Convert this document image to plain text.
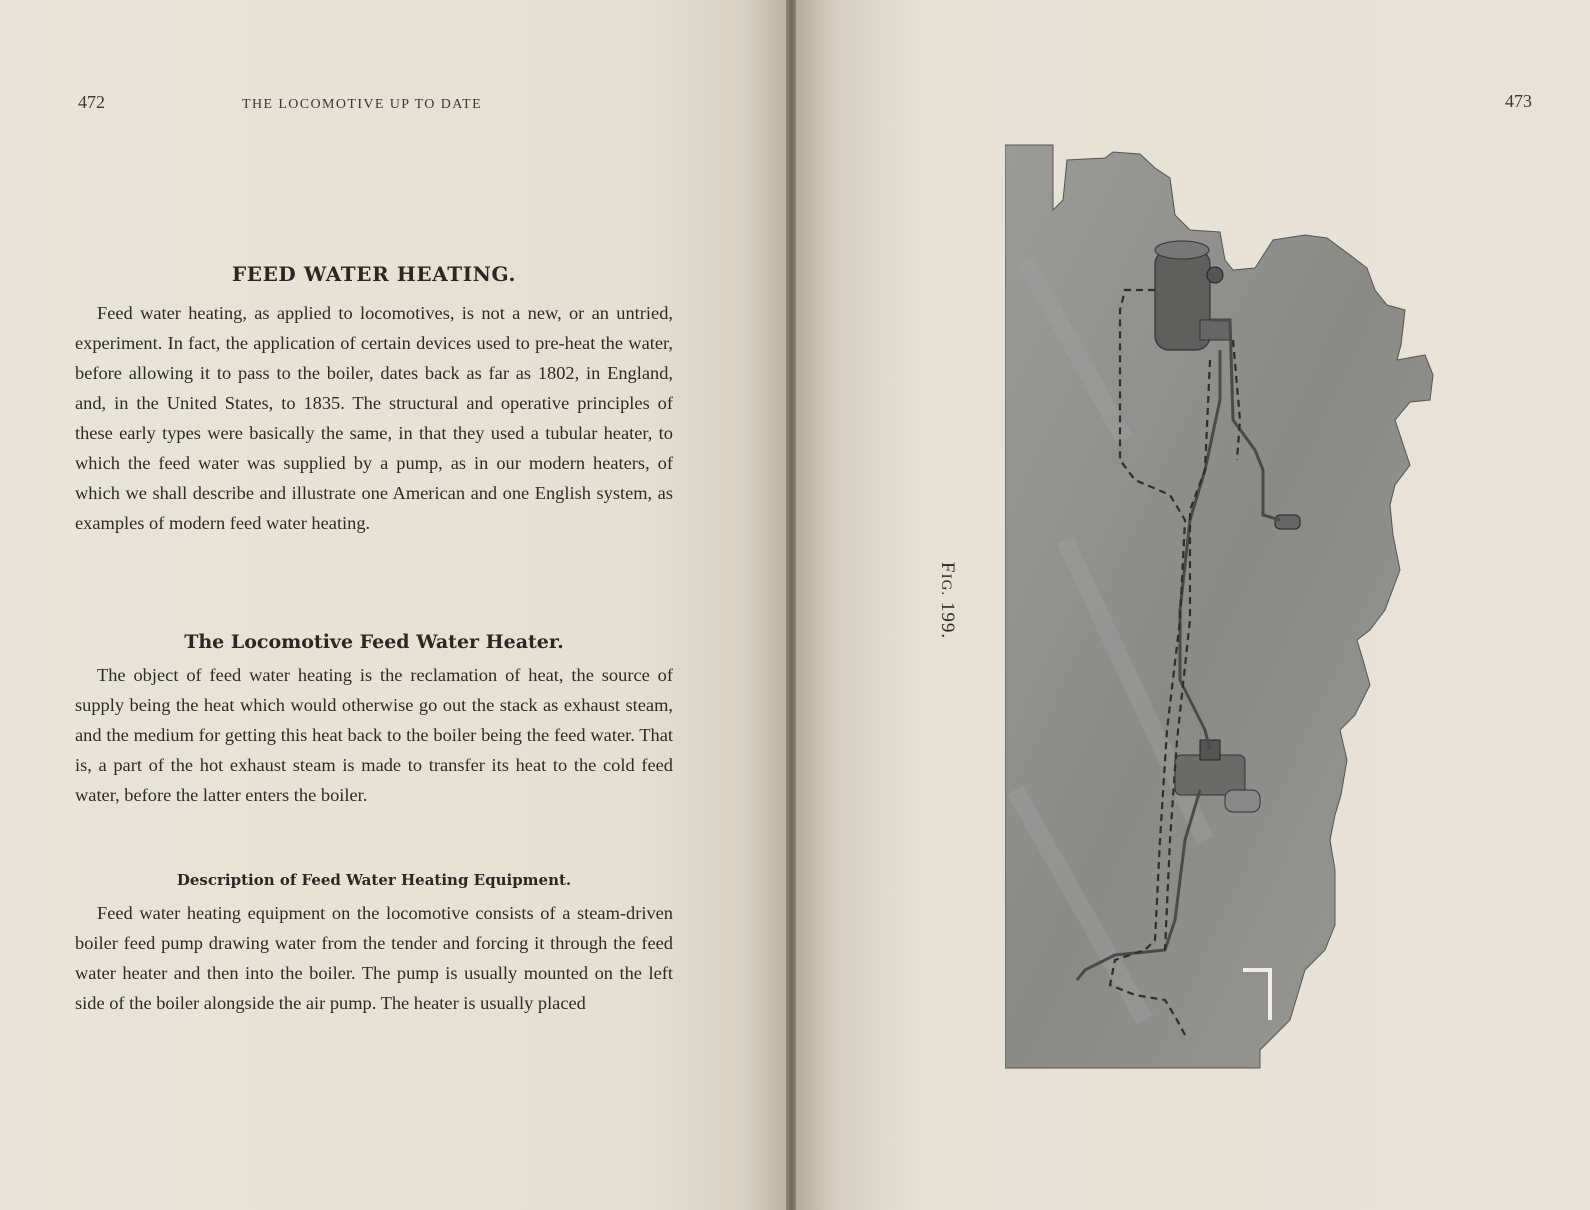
472	THE LOCOMOTIVE UP TO DATE
FEED WATER HEATING.

Feed water heating, as applied to locomotives, is not a new, or an untried, experiment. In fact, the application of certain devices used to pre-heat the water, before allowing it to pass to the boiler, dates back as far as 1802, in England, and, in the United States, to 1835. The structural and operative principles of these early types were basically the same, in that they used a tubular heater, to which the feed water was supplied by a pump, as in our modern heaters, of which we shall describe and illustrate one American and one English system, as examples of modern feed water heating.

The Locomotive Feed Water Heater.

The object of feed water heating is the reclamation of heat, the source of supply being the heat which would otherwise go out the stack as exhaust steam, and the medium for getting this heat back to the boiler being the feed water. That is, a part of the hot exhaust steam is made to transfer its heat to the cold feed water, before the latter enters the boiler.

Description of Feed Water Heating Equipment.

Feed water heating equipment on the locomotive consists of a steam-driven boiler feed pump drawing water from the tender and forcing it through the feed water heater and then into the boiler. The pump is usually mounted on the left side of the boiler alongside the air pump. The heater is usually placed

473
FIG. 199.
